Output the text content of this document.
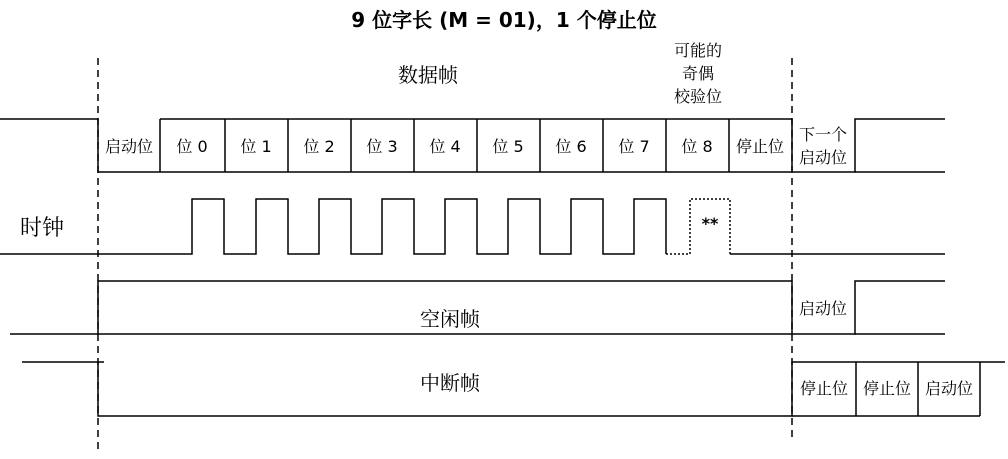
9 位字长 (M = 01)，1 个停止位
数据帧
可能的
奇偶
校验位
启动位 位 0 位 1 位 2 位 3 位 4 位 5 位 6 位 7 位 8 停止位
下一个
启动位
时钟	**
空闲帧	启动位
中断帧	停止位 停止位 启动位
